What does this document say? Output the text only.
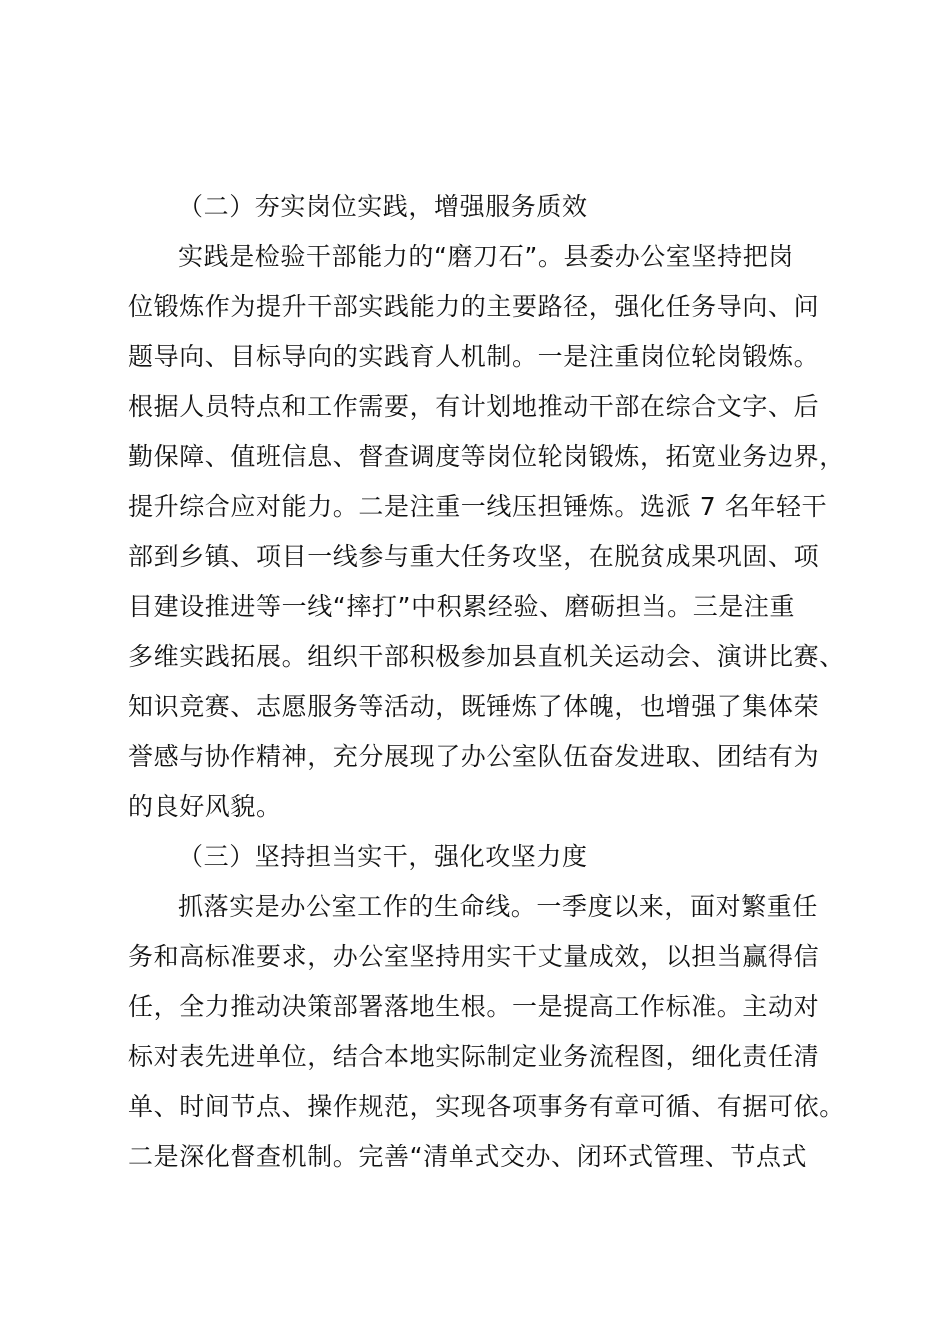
（二）夯实岗位实践，增强服务质效
实践是检验干部能力的“磨刀石”。县委办公室坚持把岗
位锻炼作为提升干部实践能力的主要路径，强化任务导向、问
题导向、目标导向的实践育人机制。一是注重岗位轮岗锻炼。
根据人员特点和工作需要，有计划地推动干部在综合文字、后
勤保障、值班信息、督查调度等岗位轮岗锻炼，拓宽业务边界，
提升综合应对能力。二是注重一线压担锤炼。选派 7 名年轻干
部到乡镇、项目一线参与重大任务攻坚，在脱贫成果巩固、项
目建设推进等一线“摔打”中积累经验、磨砺担当。三是注重
多维实践拓展。组织干部积极参加县直机关运动会、演讲比赛、
知识竞赛、志愿服务等活动，既锤炼了体魄，也增强了集体荣
誉感与协作精神，充分展现了办公室队伍奋发进取、团结有为
的良好风貌。
（三）坚持担当实干，强化攻坚力度
抓落实是办公室工作的生命线。一季度以来，面对繁重任
务和高标准要求，办公室坚持用实干丈量成效，以担当赢得信
任，全力推动决策部署落地生根。一是提高工作标准。主动对
标对表先进单位，结合本地实际制定业务流程图，细化责任清
单、时间节点、操作规范，实现各项事务有章可循、有据可依。
二是深化督查机制。完善“清单式交办、闭环式管理、节点式
